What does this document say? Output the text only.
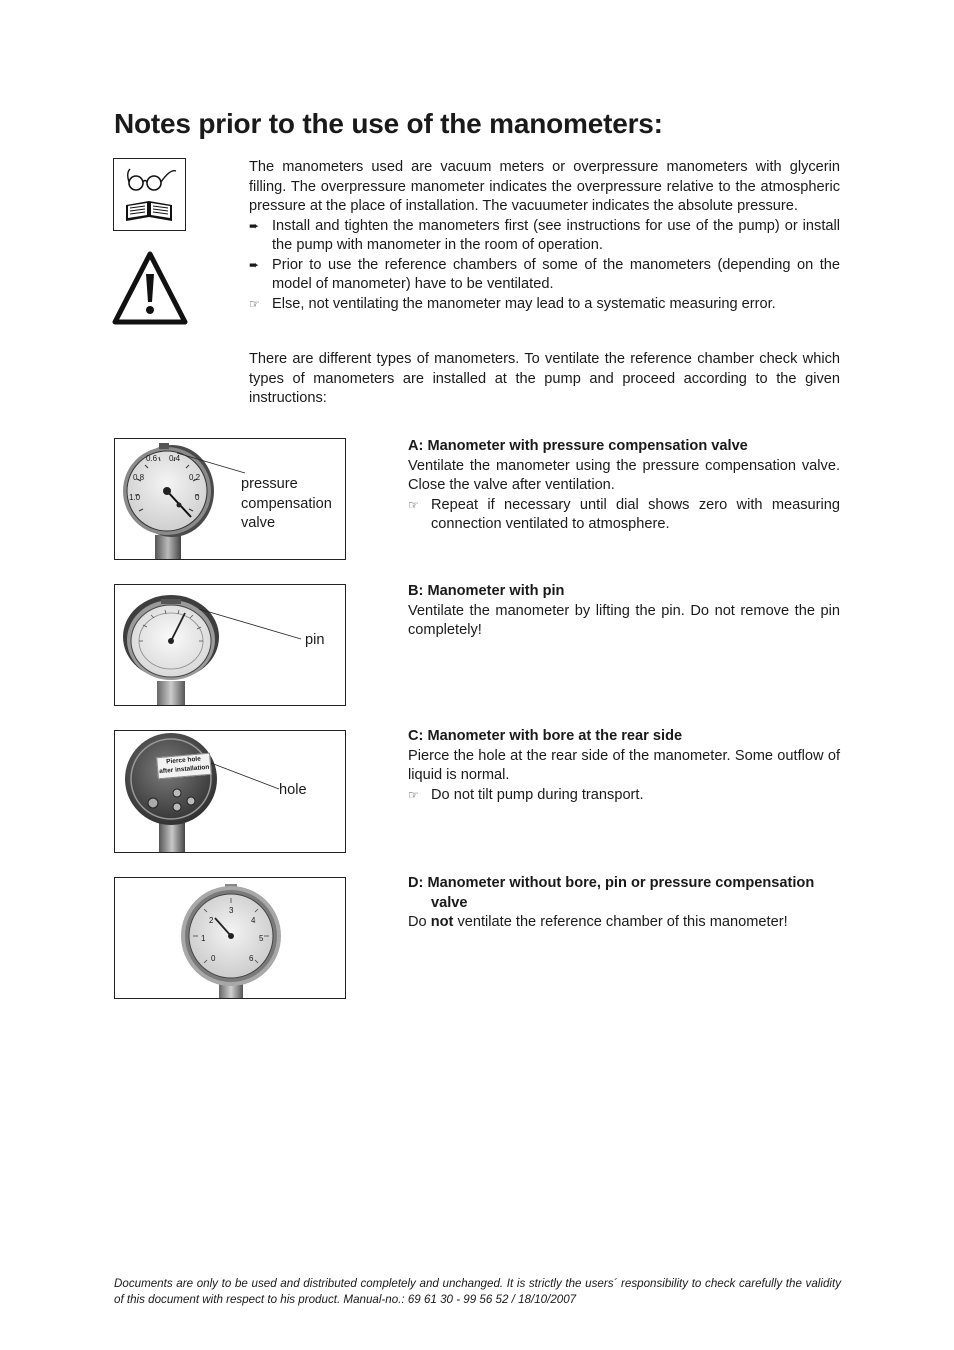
Notes prior to the use of the manometers:

The manometers used are vacuum meters or overpressure manometers with glycerin filling. The overpressure manometer indicates the overpressure relative to the atmospheric pressure at the place of installation. The vacuumeter indicates the absolute pressure.

➨ Install and tighten the manometers first (see instructions for use of the pump) or install the pump with manometer in the room of operation.
➨ Prior to use the reference chambers of some of the manometers (depending on the model of manometer) have to be ventilated.
☞ Else, not ventilating the manometer may lead to a systematic measuring error.

There are different types of manometers. To ventilate the reference chamber check which types of manometers are installed at the pump and proceed according to the given instructions:

0.6 0.4
0.8	0.2
1.0	0
pressure compensation valve
A: Manometer with pressure compensation valve

Ventilate the manometer using the pressure compensation valve. Close the valve after ventilation.

☞ Repeat if necessary until dial shows zero with measuring connection ventilated to atmosphere.
pin
B: Manometer with pin

Ventilate the manometer by lifting the pin. Do not remove the pin completely!

Pierce hole
after installation
hole
C: Manometer with bore at the rear side

Pierce the hole at the rear side of the manometer. Some outflow of liquid is normal.

☞ Do not tilt pump during transport.
3
2	4
1	5
0	6
D: Manometer without bore, pin or pressure compensation
valve

Do not ventilate the reference chamber of this manometer!

Documents are only to be used and distributed completely and unchanged. It is strictly the users´ responsibility to check carefully the validity of this document with respect to his product. Manual-no.: 69 61 30 - 99 56 52 / 18/10/2007
